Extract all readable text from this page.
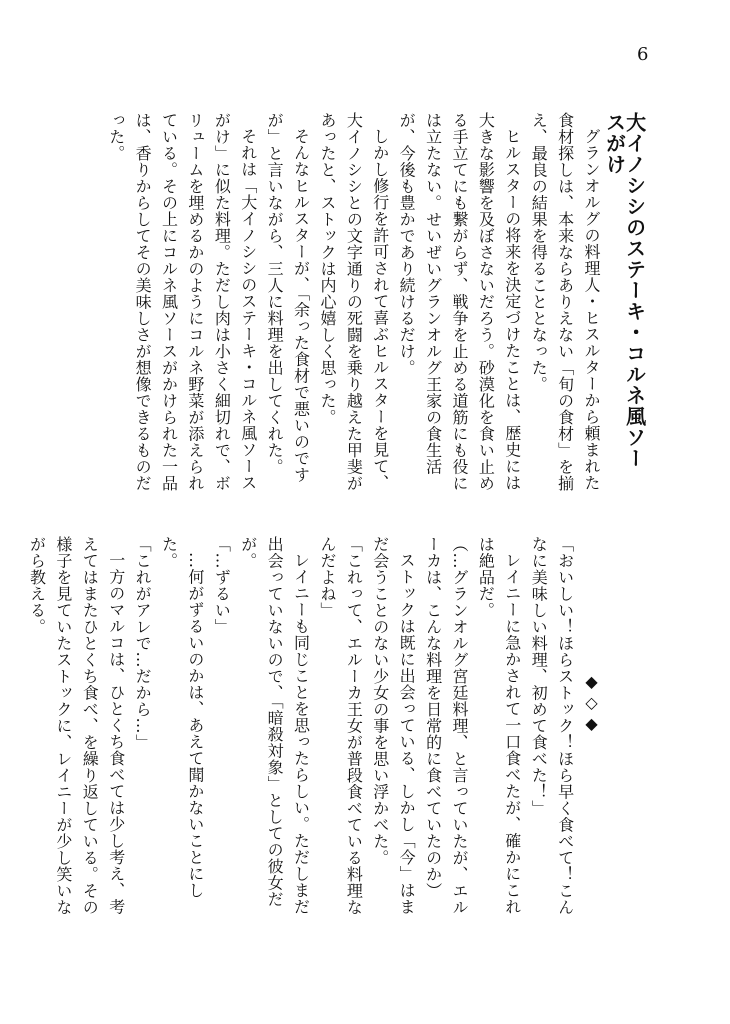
6
大イノシシのステーキ・コルネ風ソースがけ

グランオルグの料理人・ヒスルターから頼まれた食材探しは、本来ならありえない「旬の食材」を揃え、最良の結果を得ることとなった。

ヒルスターの将来を決定づけたことは、歴史には大きな影響を及ぼさないだろう。砂漠化を食い止める手立てにも繋がらず、戦争を止める道筋にも役には立たない。せいぜいグランオルグ王家の食生活が、今後も豊かであり続けるだけ。

しかし修行を許可されて喜ぶヒルスターを見て、大イノシシとの文字通りの死闘を乗り越えた甲斐があったと、ストックは内心嬉しく思った。

そんなヒルスターが、「余った食材で悪いのですが」と言いながら、三人に料理を出してくれた。

それは「大イノシシのステーキ・コルネ風ソースがけ」に似た料理。ただし肉は小さく細切れで、ボリュームを埋めるかのようにコルネ野菜が添えられている。その上にコルネ風ソースがかけられた一品は、香りからしてその美味しさが想像できるものだった。

◆◇◆

「おいしい！ほらストック！ほら早く食べて！こんなに美味しい料理、初めて食べた！」

レイニーに急かされて一口食べたが、確かにこれは絶品だ。

（…グランオルグ宮廷料理、と言っていたが、エルーカは、こんな料理を日常的に食べていたのか）

ストックは既に出会っている、しかし「今」はまだ会うことのない少女の事を思い浮かべた。

「これって、エルーカ王女が普段食べている料理なんだよね」

レイニーも同じことを思ったらしい。ただしまだ出会っていないので、「暗殺対象」としての彼女だが。

「…ずるい」

…何がずるいのかは、あえて聞かないことにした。

「これがアレで…だから…」

一方のマルコは、ひとくち食べては少し考え、考えてはまたひとくち食べ、を繰り返している。その様子を見ていたストックに、レイニーが少し笑いながら教える。
